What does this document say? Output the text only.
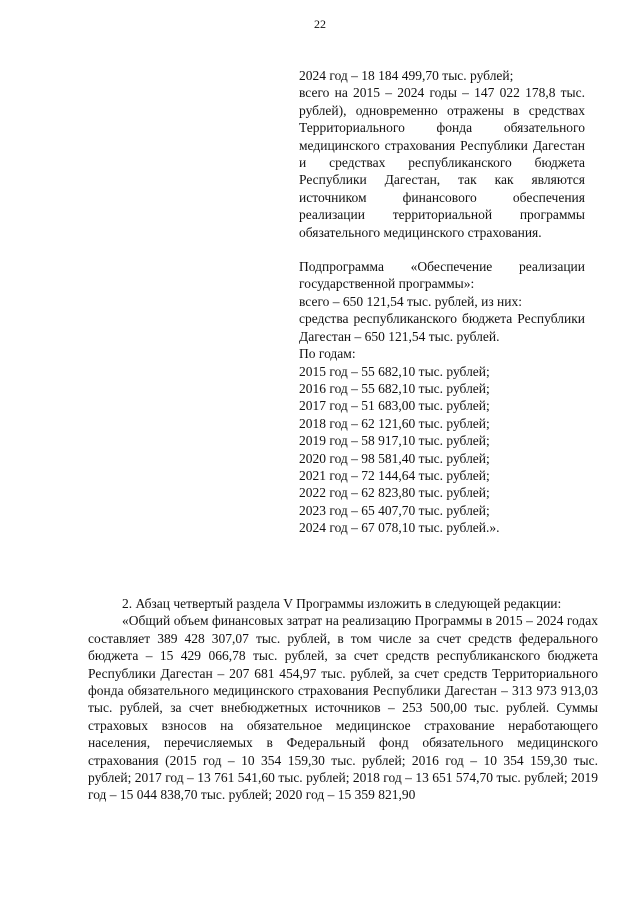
22

2024 год – 18 184 499,70 тыс. рублей;

всего на 2015 – 2024 годы – 147 022 178,8 тыс. рублей), одновременно отражены в средствах Территориального фонда обязательного медицинского страхования Республики Дагестан и средствах республиканского бюджета Республики Дагестан, так как являются источником финансового обеспечения реализации территориальной программы обязательного медицинского страхования.

Подпрограмма «Обеспечение реализации государственной программы»:

всего – 650 121,54 тыс. рублей, из них:

средства республиканского бюджета Республики Дагестан – 650 121,54 тыс. рублей.

По годам:

2015 год – 55 682,10 тыс. рублей;

2016 год – 55 682,10 тыс. рублей;

2017 год – 51 683,00 тыс. рублей;

2018 год – 62 121,60 тыс. рублей;

2019 год – 58 917,10 тыс. рублей;

2020 год – 98 581,40 тыс. рублей;

2021 год – 72 144,64 тыс. рублей;

2022 год – 62 823,80 тыс. рублей;

2023 год – 65 407,70 тыс. рублей;

2024 год – 67 078,10 тыс. рублей.».

2. Абзац четвертый раздела V Программы изложить в следующей редакции:

«Общий объем финансовых затрат на реализацию Программы в 2015 – 2024 годах составляет 389 428 307,07 тыс. рублей, в том числе за счет средств федерального бюджета – 15 429 066,78 тыс. рублей, за счет средств республиканского бюджета Республики Дагестан – 207 681 454,97 тыс. рублей, за счет средств Территориального фонда обязательного медицинского страхования Республики Дагестан – 313 973 913,03 тыс. рублей, за счет внебюджетных источников – 253 500,00 тыс. рублей. Суммы страховых взносов на обязательное медицинское страхование неработающего населения, перечисляемых в Федеральный фонд обязательного медицинского страхования (2015 год – 10 354 159,30 тыс. рублей; 2016 год – 10 354 159,30 тыс. рублей; 2017 год – 13 761 541,60 тыс. рублей; 2018 год – 13 651 574,70 тыс. рублей; 2019 год – 15 044 838,70 тыс. рублей; 2020 год – 15 359 821,90
